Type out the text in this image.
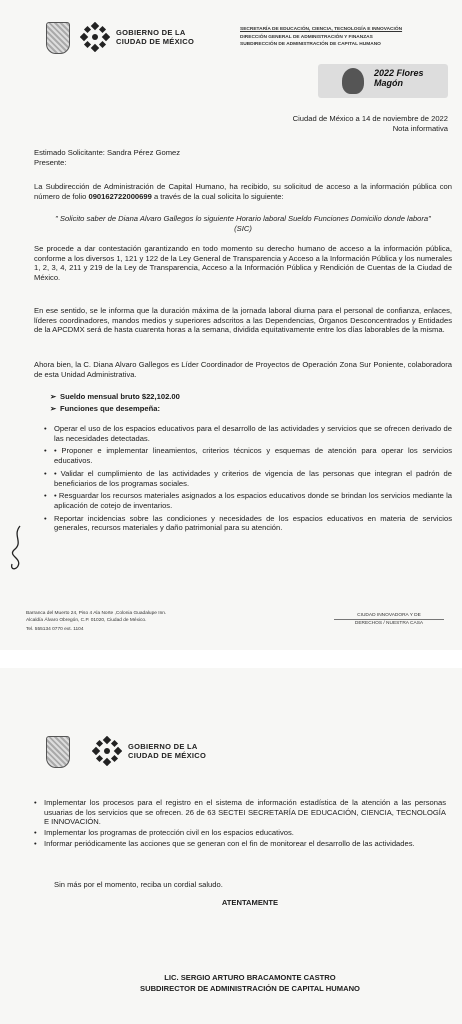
GOBIERNO DE LA
CIUDAD DE MÉXICO
SECRETARÍA DE EDUCACIÓN, CIENCIA, TECNOLOGÍA E INNOVACIÓN
DIRECCIÓN GENERAL DE ADMINISTRACIÓN Y FINANZAS
SUBDIRECCIÓN DE ADMINISTRACIÓN DE CAPITAL HUMANO
2022 Flores Magón

Ciudad de México a 14 de noviembre de 2022

Nota informativa

Estimado Solicitante: Sandra Pérez Gomez

Presente:

La Subdirección de Administración de Capital Humano, ha recibido, su solicitud de acceso a la información pública con número de folio 090162722000699 a través de la cual solicita lo siguiente:

" Solicito saber de Diana Alvaro Gallegos lo siguiente Horario laboral Sueldo Funciones Domicilio donde labora" (SIC)

Se procede a dar contestación garantizando en todo momento su derecho humano de acceso a la información pública, conforme a los diversos 1, 121 y 122 de la Ley General de Transparencia y Acceso a la Información Pública y los numerales 1, 2, 3, 4, 211 y 219 de la Ley de Transparencia, Acceso a la Información Pública y Rendición de Cuentas de la Ciudad de México.

En ese sentido, se le informa que la duración máxima de la jornada laboral diurna para el personal de confianza, enlaces, líderes coordinadores, mandos medios y superiores adscritos a las Dependencias, Órganos Desconcentrados y Entidades de la APCDMX será de hasta cuarenta horas a la semana, dividida equitativamente entre los días laborables de la misma.

Ahora bien, la C. Diana Alvaro Gallegos es Líder Coordinador de Proyectos de Operación Zona Sur Poniente, colaboradora de esta Unidad Administrativa.

➢ Sueldo mensual bruto $22,102.00
➢ Funciones que desempeña:
• Operar el uso de los espacios educativos para el desarrollo de las actividades y servicios que se ofrecen derivado de las necesidades detectadas.
• • Proponer e implementar lineamientos, criterios técnicos y esquemas de atención para operar los servicios educativos.
• • Validar el cumplimiento de las actividades y criterios de vigencia de las personas que integran el padrón de beneficiarios de los programas sociales.
• • Resguardar los recursos materiales asignados a los espacios educativos donde se brindan los servicios mediante la aplicación de cotejo de inventarios.
• Reportar incidencias sobre las condiciones y necesidades de los espacios educativos en materia de servicios generales, recursos materiales y daño patrimonial para su atención.
Barranca del Muerto 24, Piso 4 Ala Norte ,Colonia Guadalupe Inn.
Alcaldía Álvaro Obregón, C.P. 01020, Ciudad de México.
Tel. 555134 0770 ext. 1104
CIUDAD INNOVADORA Y DE
DERECHOS / NUESTRA CASA
GOBIERNO DE LA
CIUDAD DE MÉXICO
• Implementar los procesos para el registro en el sistema de información estadística de la atención a las personas usuarias de los servicios que se ofrecen. 26 de 63 SECTEI SECRETARÍA DE EDUCACIÓN, CIENCIA, TECNOLOGÍA E INNOVACIÓN.
• Implementar los programas de protección civil en los espacios educativos.
• Informar periódicamente las acciones que se generan con el fin de monitorear el desarrollo de las actividades.

Sin más por el momento, reciba un cordial saludo.

ATENTAMENTE

LIC. SERGIO ARTURO BRACAMONTE CASTRO

SUBDIRECTOR DE ADMINISTRACIÓN DE CAPITAL HUMANO
